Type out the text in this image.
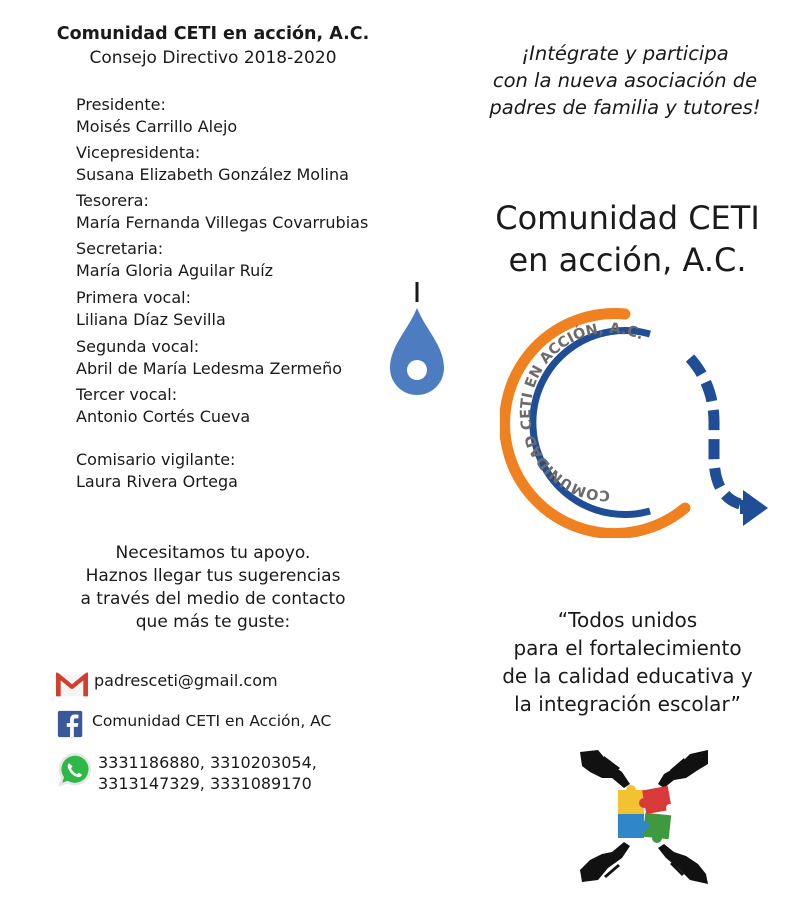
Comunidad CETI en acción, A.C.
Consejo Directivo 2018-2020
Presidente:
Moisés Carrillo Alejo
Vicepresidenta:
Susana Elizabeth González Molina
Tesorera:
María Fernanda Villegas Covarrubias
Secretaria:
María Gloria Aguilar Ruíz
Primera vocal:
Liliana Díaz Sevilla
Segunda vocal:
Abril de María Ledesma Zermeño
Tercer vocal:
Antonio Cortés Cueva
Comisario vigilante:
Laura Rivera Ortega
Necesitamos tu apoyo.
Haznos llegar tus sugerencias
a través del medio de contacto
que más te guste:
padresceti@gmail.com
Comunidad CETI en Acción, AC
3331186880, 3310203054,
3313147329, 3331089170
¡Intégrate y participa
con la nueva asociación de
padres de familia y tutores!
Comunidad CETI
en acción, A.C.
COMUNIDAD CETI EN ACCIÓN, A.C.
“Todos unidos
para el fortalecimiento
de la calidad educativa y
la integración escolar”
